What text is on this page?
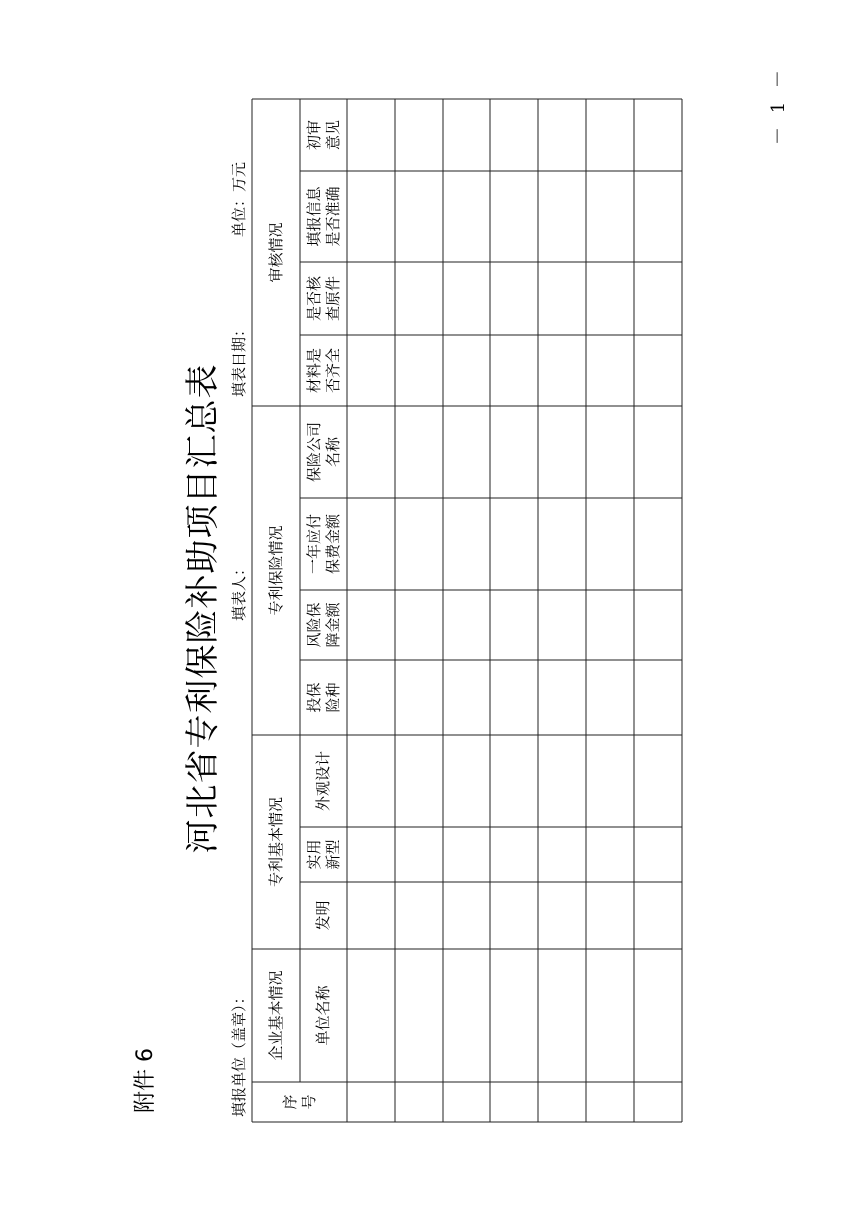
附件 6
河北省专利保险补助项目汇总表
－ 1 －
填报单位（盖章）：
填表人：
填表日期：
单位：万元
企业基本情况
专利基本情况
专利保险情况
审核情况
序 号
单位名称
发明
实用 新型
外观设计
投保 险种
风险保 障金额
一年应付 保费金额
保险公司 名称
材料是 否齐全
是否核 查原件
填报信息 是否准确
初审 意见
